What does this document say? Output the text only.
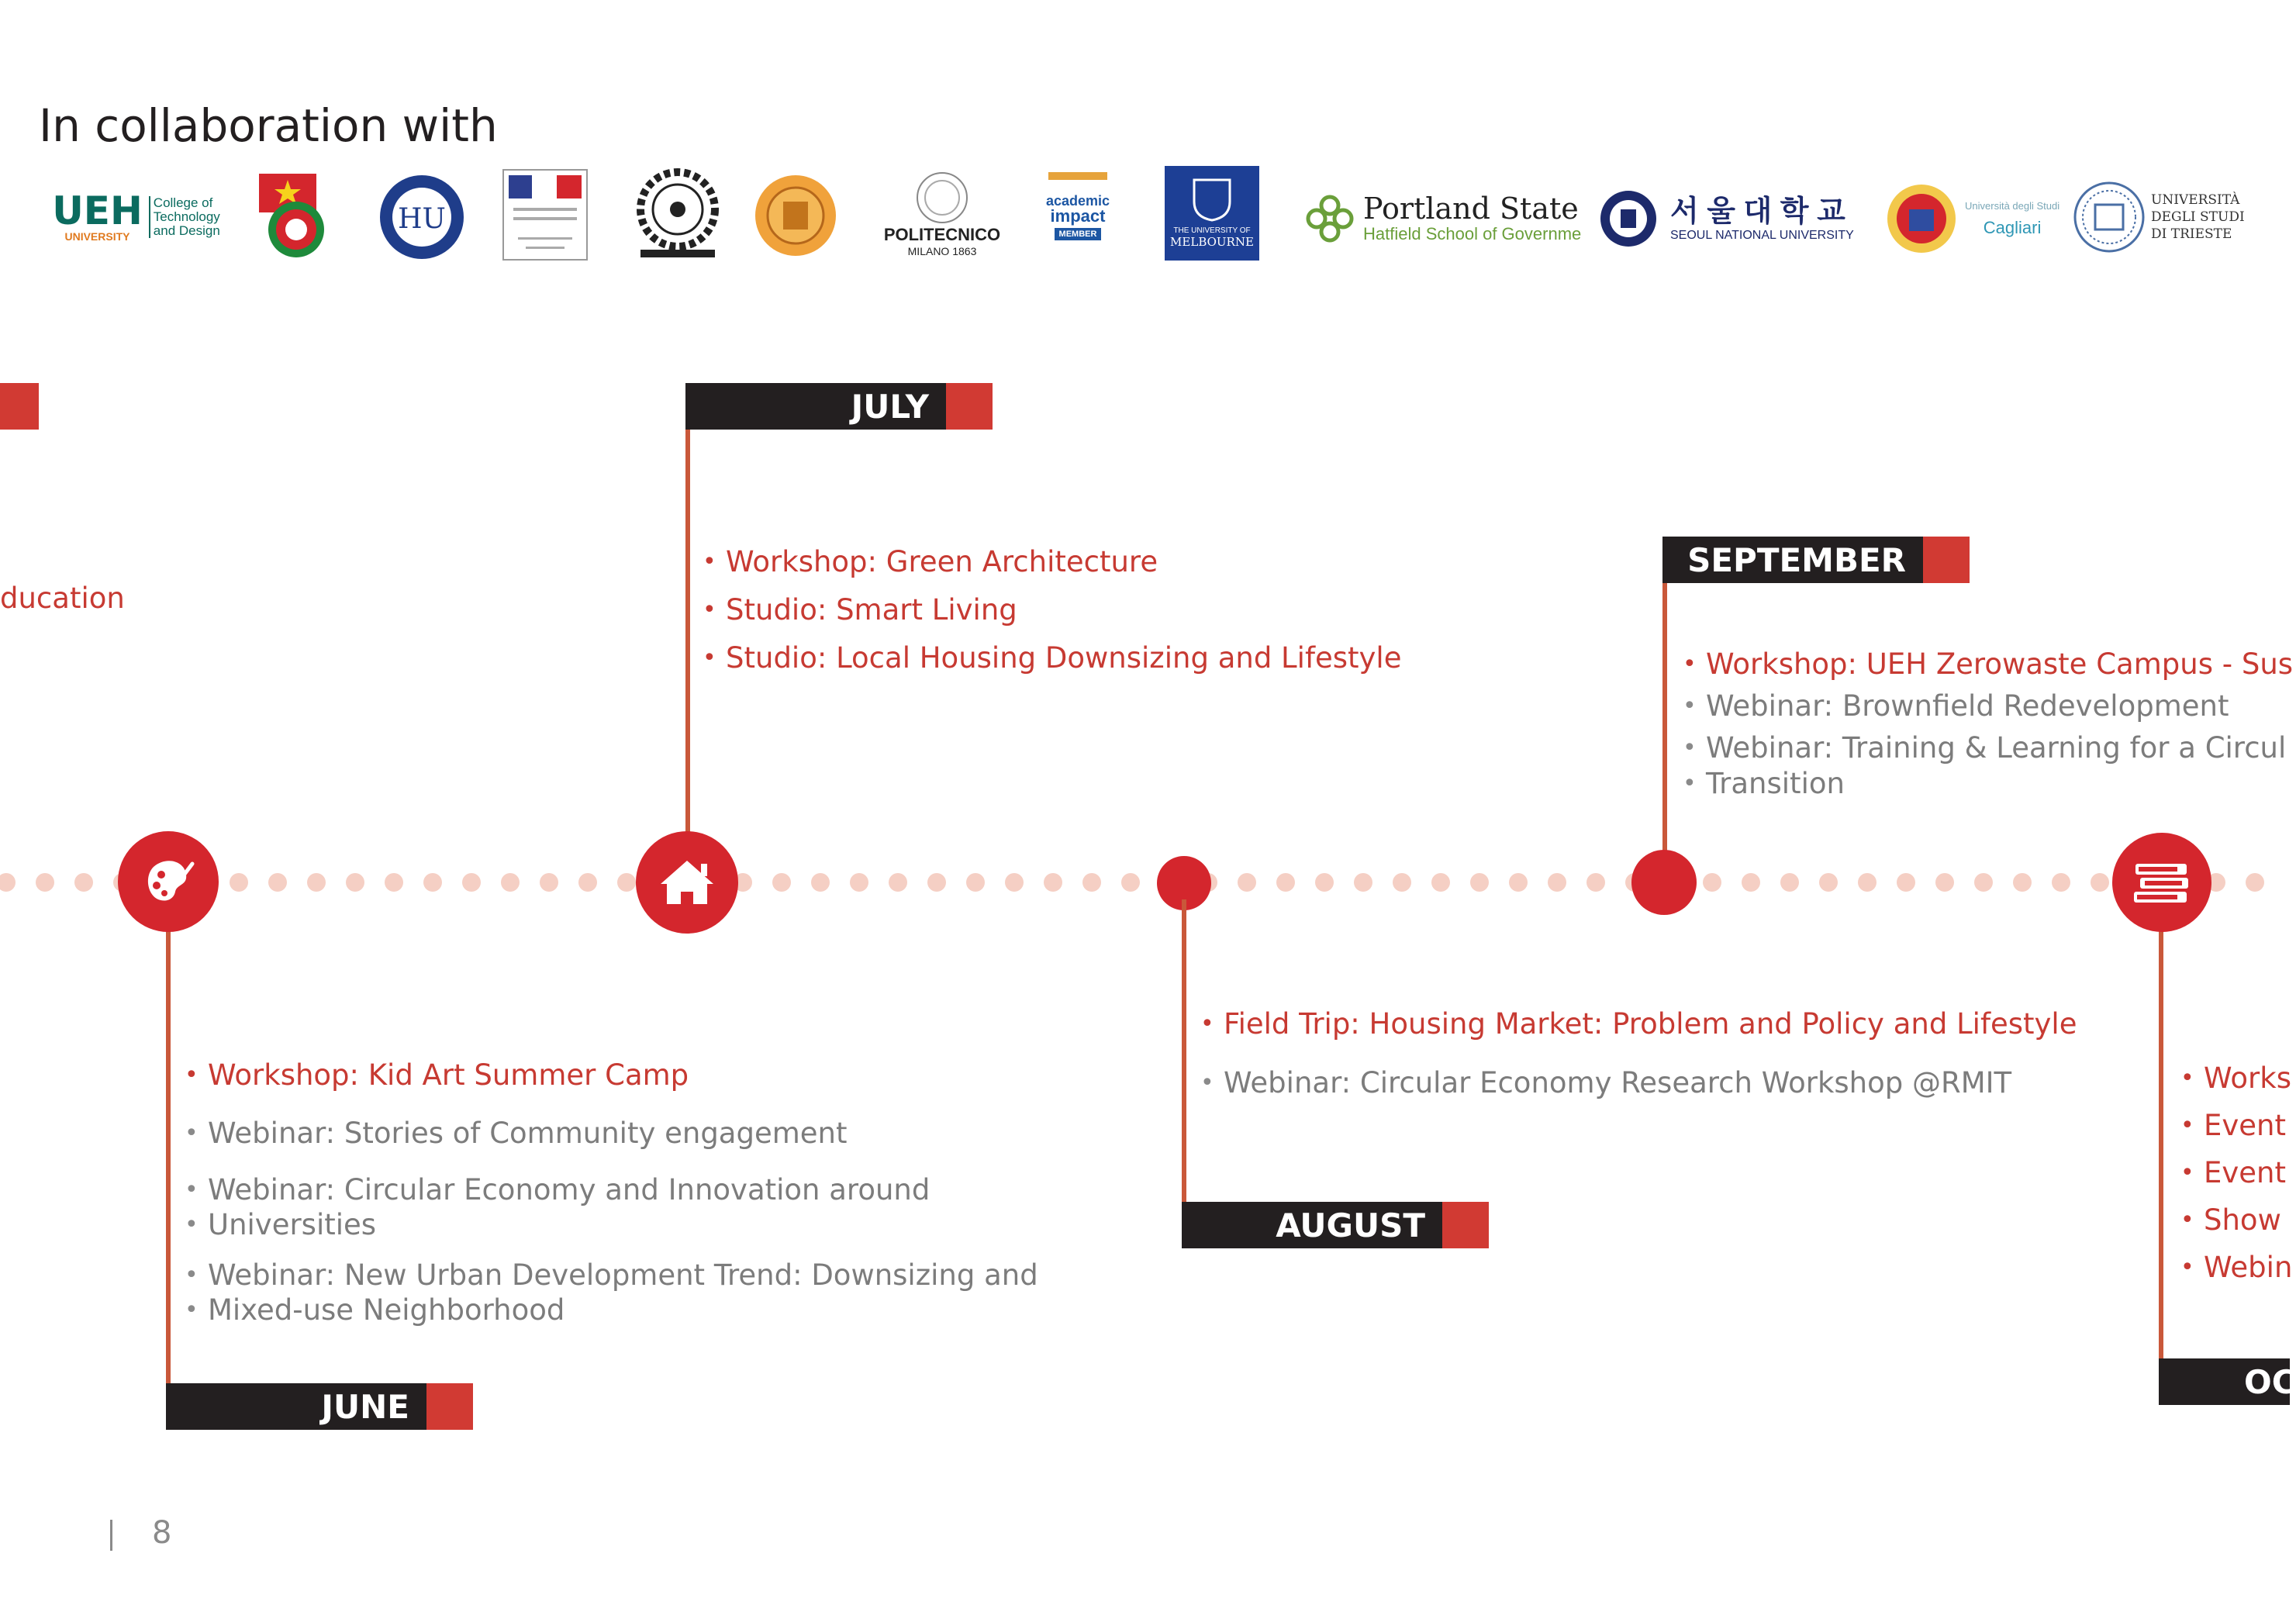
In collaboration with
UEH
UNIVERSITY
College of
Technology
and Design	HU	POLITECNICO
MILANO 1863
academic
impact
MEMBER	THE UNIVERSITY OF
MELBOURNE
Portland State
Hatfield School of Governme
서 울 대 학 교
SEOUL NATIONAL UNIVERSITY
Università degli Studi
Cagliari
UNIVERSITÀ
DEGLI STUDI
DI TRIESTE
ducation
• Workshop: Kid Art Summer Camp
• Webinar: Stories of Community engagement
• Webinar: Circular Economy and Innovation around
• Universities
• Webinar: New Urban Development Trend: Downsizing and
• Mixed-use Neighborhood
JUNE
JULY
• Workshop: Green Architecture
• Studio: Smart Living
• Studio: Local Housing Downsizing and Lifestyle
• Field Trip: Housing Market: Problem and Policy and Lifestyle
• Webinar: Circular Economy Research Workshop @RMIT
AUGUST
SEPTEMBER
• Workshop: UEH Zerowaste Campus - Sus
• Webinar: Brownfield Redevelopment
• Webinar: Training & Learning for a Circul
• Transition
• Works
• Event
• Event
• Show
• Webin
OC
8
